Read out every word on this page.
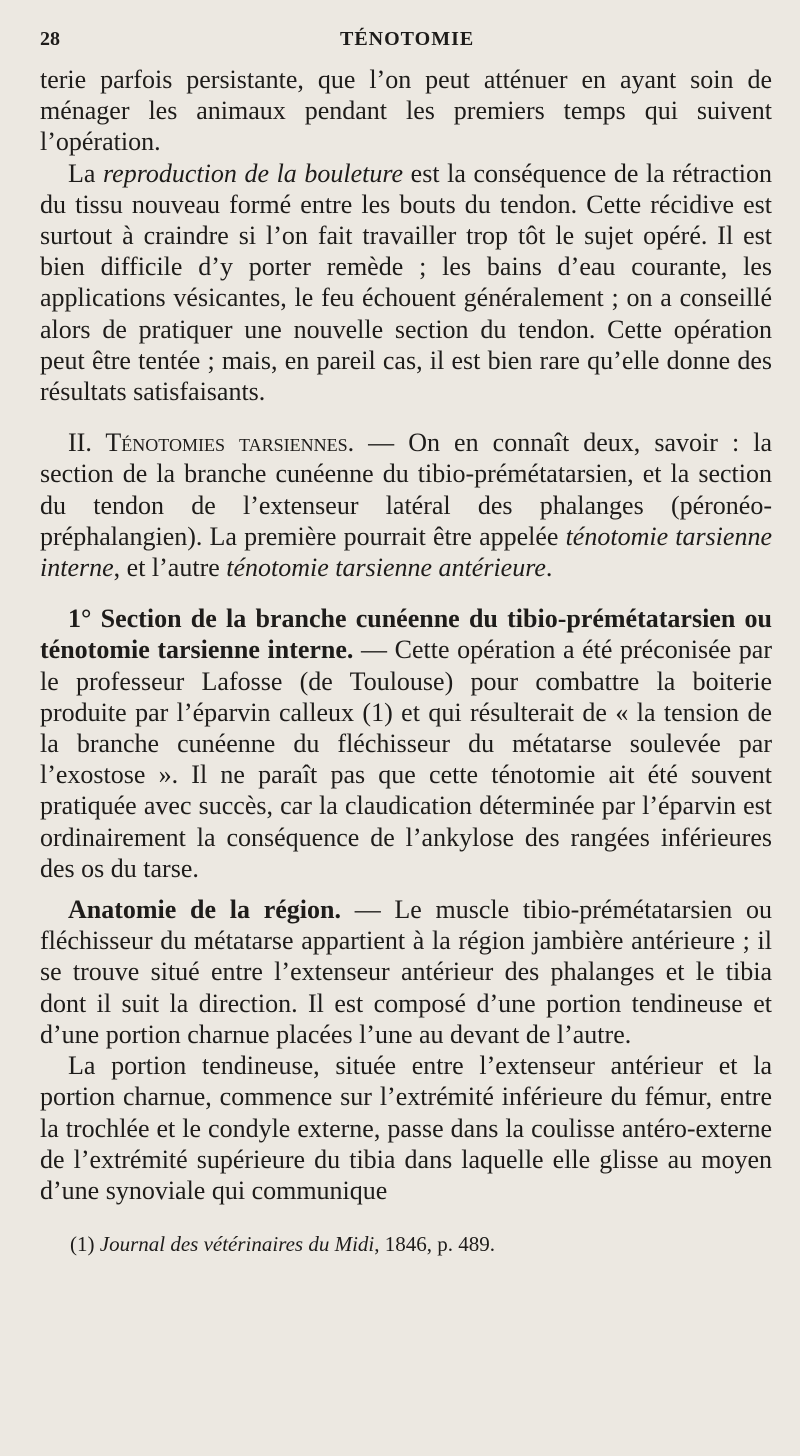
28	TÉNOTOMIE

terie parfois persistante, que l’on peut atténuer en ayant soin de ménager les animaux pendant les premiers temps qui suivent l’opération.

La reproduction de la bouleture est la conséquence de la rétraction du tissu nouveau formé entre les bouts du tendon. Cette récidive est surtout à craindre si l’on fait travailler trop tôt le sujet opéré. Il est bien difficile d’y porter remède ; les bains d’eau courante, les applications vésicantes, le feu échouent généralement ; on a conseillé alors de pratiquer une nouvelle section du tendon. Cette opération peut être tentée ; mais, en pareil cas, il est bien rare qu’elle donne des résultats satisfaisants.

II. Ténotomies tarsiennes. — On en connaît deux, savoir : la section de la branche cunéenne du tibio-prémétatarsien, et la section du tendon de l’extenseur latéral des phalanges (péronéo-préphalangien). La première pourrait être appelée ténotomie tarsienne interne, et l’autre ténotomie tarsienne antérieure.

1° Section de la branche cunéenne du tibio-prémétatarsien ou ténotomie tarsienne interne. — Cette opération a été préconisée par le professeur Lafosse (de Toulouse) pour combattre la boiterie produite par l’éparvin calleux (1) et qui résulterait de « la tension de la branche cunéenne du fléchisseur du métatarse soulevée par l’exostose ». Il ne paraît pas que cette ténotomie ait été souvent pratiquée avec succès, car la claudication déterminée par l’éparvin est ordinairement la conséquence de l’ankylose des rangées inférieures des os du tarse.

Anatomie de la région. — Le muscle tibio-prémétatarsien ou fléchisseur du métatarse appartient à la région jambière antérieure ; il se trouve situé entre l’extenseur antérieur des phalanges et le tibia dont il suit la direction. Il est composé d’une portion tendineuse et d’une portion charnue placées l’une au devant de l’autre.

La portion tendineuse, située entre l’extenseur antérieur et la portion charnue, commence sur l’extrémité inférieure du fémur, entre la trochlée et le condyle externe, passe dans la coulisse antéro-externe de l’extrémité supérieure du tibia dans laquelle elle glisse au moyen d’une synoviale qui communique

(1) Journal des vétérinaires du Midi, 1846, p. 489.
